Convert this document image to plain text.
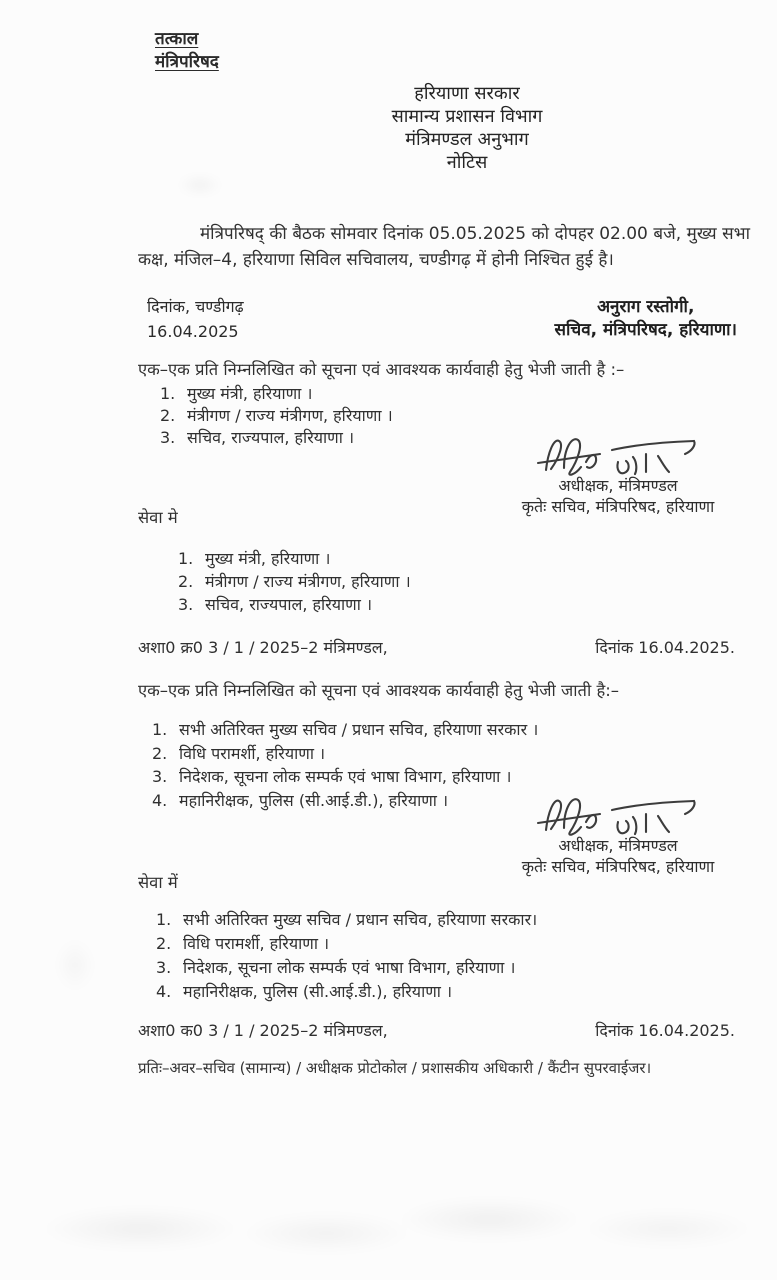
तत्काल
मंत्रिपरिषद
हरियाणा सरकार
सामान्य प्रशासन विभाग
मंत्रिमण्डल अनुभाग
नोटिस

मंत्रिपरिषद् की बैठक सोमवार दिनांक 05.05.2025 को दोपहर 02.00 बजे, मुख्य सभा कक्ष, मंजिल–4, हरियाणा सिविल सचिवालय, चण्डीगढ़ में होनी निश्चित हुई है।

दिनांक, चण्डीगढ़
16.04.2025
अनुराग रस्तोगी,
सचिव, मंत्रिपरिषद, हरियाणा।
एक–एक प्रति निम्नलिखित को सूचना एवं आवश्यक कार्यवाही हेतु भेजी जाती है :–
1. मुख्य मंत्री, हरियाणा ।
2. मंत्रीगण / राज्य मंत्रीगण, हरियाणा ।
3. सचिव, राज्यपाल, हरियाणा ।
अधीक्षक, मंत्रिमण्डल
कृतेः सचिव, मंत्रिपरिषद, हरियाणा
सेवा मे
1. मुख्य मंत्री, हरियाणा ।
2. मंत्रीगण / राज्य मंत्रीगण, हरियाणा ।
3. सचिव, राज्यपाल, हरियाणा ।
अशा0 क्र0 3 / 1 / 2025–2 मंत्रिमण्डल,	दिनांक 16.04.2025.
एक–एक प्रति निम्नलिखित को सूचना एवं आवश्यक कार्यवाही हेतु भेजी जाती है:–
1. सभी अतिरिक्त मुख्य सचिव / प्रधान सचिव, हरियाणा सरकार ।
2. विधि परामर्शी, हरियाणा ।
3. निदेशक, सूचना लोक सम्पर्क एवं भाषा विभाग, हरियाणा ।
4. महानिरीक्षक, पुलिस (सी.आई.डी.), हरियाणा ।
अधीक्षक, मंत्रिमण्डल
कृतेः सचिव, मंत्रिपरिषद, हरियाणा
सेवा में
1. सभी अतिरिक्त मुख्य सचिव / प्रधान सचिव, हरियाणा सरकार।
2. विधि परामर्शी, हरियाणा ।
3. निदेशक, सूचना लोक सम्पर्क एवं भाषा विभाग, हरियाणा ।
4. महानिरीक्षक, पुलिस (सी.आई.डी.), हरियाणा ।
अशा0 क0 3 / 1 / 2025–2 मंत्रिमण्डल,	दिनांक 16.04.2025.
प्रतिः–अवर–सचिव (सामान्य) / अधीक्षक प्रोटोकोल / प्रशासकीय अधिकारी / कैंटीन सुपरवाईजर।
